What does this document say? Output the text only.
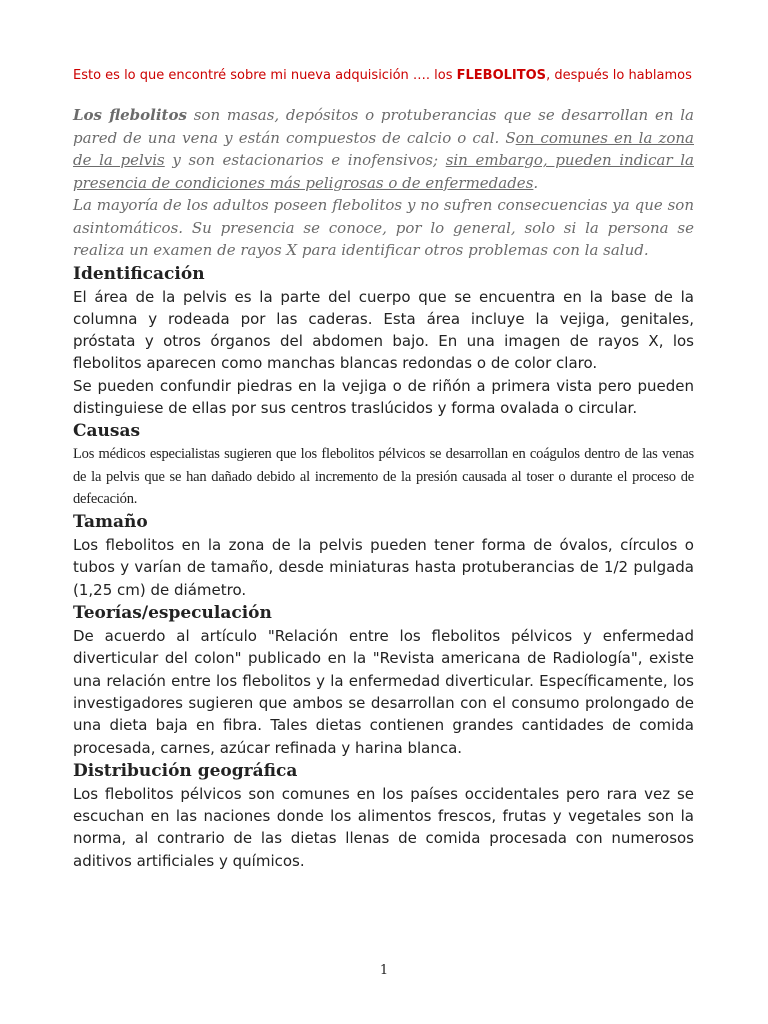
Esto es lo que encontré sobre mi nueva adquisición …. los FLEBOLITOS, después lo hablamos

Los flebolitos son masas, depósitos o protuberancias que se desarrollan en la pared de una vena y están compuestos de calcio o cal. Son comunes en la zona de la pelvis y son estacionarios e inofensivos; sin embargo, pueden indicar la presencia de condiciones más peligrosas o de enfermedades.

La mayoría de los adultos poseen flebolitos y no sufren consecuencias ya que son asintomáticos. Su presencia se conoce, por lo general, solo si la persona se realiza un examen de rayos X para identificar otros problemas con la salud.

Identificación

El área de la pelvis es la parte del cuerpo que se encuentra en la base de la columna y rodeada por las caderas. Esta área incluye la vejiga, genitales, próstata y otros órganos del abdomen bajo. En una imagen de rayos X, los flebolitos aparecen como manchas blancas redondas o de color claro.

Se pueden confundir piedras en la vejiga o de riñón a primera vista pero pueden distinguiese de ellas por sus centros traslúcidos y forma ovalada o circular.

Causas

Los médicos especialistas sugieren que los flebolitos pélvicos se desarrollan en coágulos dentro de las venas de la pelvis que se han dañado debido al incremento de la presión causada al toser o durante el proceso de defecación.

Tamaño

Los flebolitos en la zona de la pelvis pueden tener forma de óvalos, círculos o tubos y varían de tamaño, desde miniaturas hasta protuberancias de 1/2 pulgada (1,25 cm) de diámetro.

Teorías/especulación

De acuerdo al artículo "Relación entre los flebolitos pélvicos y enfermedad diverticular del colon" publicado en la "Revista americana de Radiología", existe una relación entre los flebolitos y la enfermedad diverticular. Específicamente, los investigadores sugieren que ambos se desarrollan con el consumo prolongado de una dieta baja en fibra. Tales dietas contienen grandes cantidades de comida procesada, carnes, azúcar refinada y harina blanca.

Distribución geográfica

Los flebolitos pélvicos son comunes en los países occidentales pero rara vez se escuchan en las naciones donde los alimentos frescos, frutas y vegetales son la norma, al contrario de las dietas llenas de comida procesada con numerosos aditivos artificiales y químicos.

1
